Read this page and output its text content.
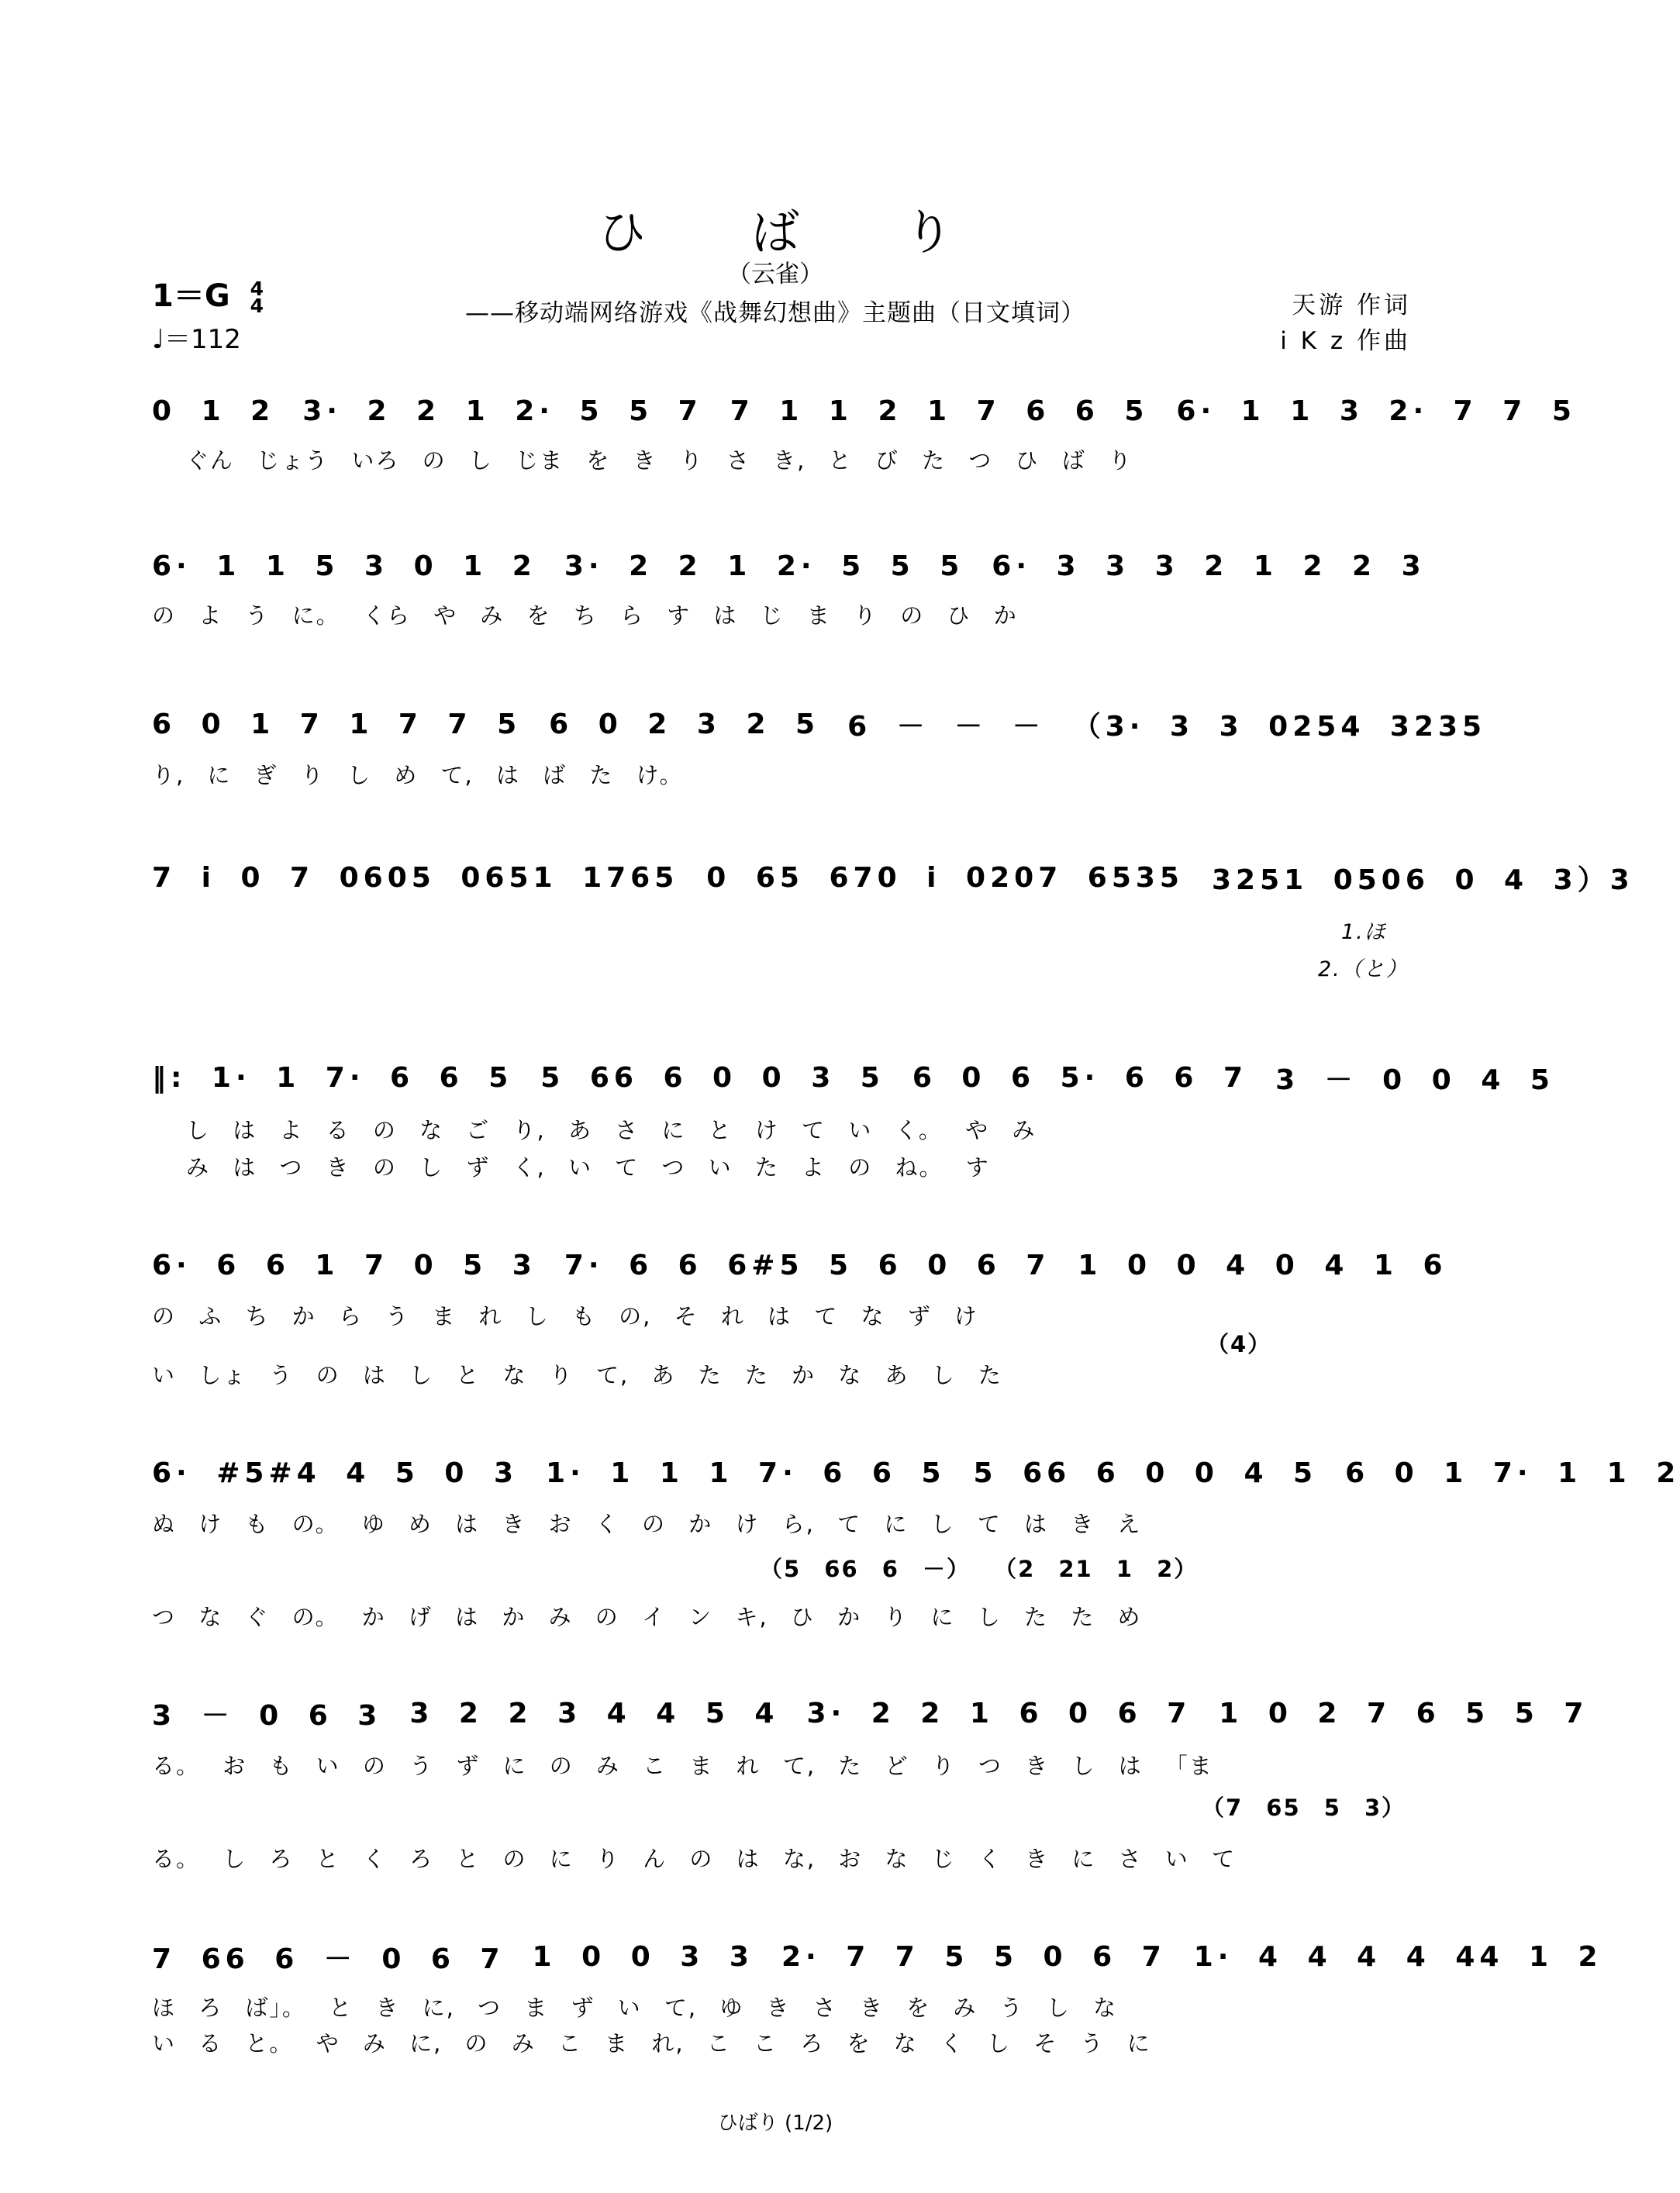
ひ ば り
（云雀）
——移动端网络游戏《战舞幻想曲》主题曲（日文填词）	天游 作词
i K z 作曲
1＝G 4
4
♩＝112
0 1 2 3· 2 2 1 2· 5 5 7 7 1 1 2 1 7 6 6 5 6· 1 1 3 2· 7 7 5
ぐん じょう いろ の し じま を き り さ き, と び た つ ひ ば り
6· 1 1 5 3 0 1 2 3· 2 2 1 2· 5 5 5 6· 3 3 3 2 1 2 2 3
の よ う に。 くら や み を ち ら す は じ ま り の ひ か
6 0 1 7 1 7 7 5 6 0 2 3 2 5 6 － － － （3· 3 3 0254 3235
り, に ぎ り し め て, は ば た け。
7 i 0 7 0605 0651 1765 0 65 670 i 0207 6535 3251 0506 0 4 3）3
1.ほ
2.（と）
‖: 1· 1 7· 6 6 5 5 66 6 0 0 3 5 6 0 6 5· 6 6 7 3 － 0 0 4 5
し は よ る の な ご り, あ さ に と け て い く。 や み
み は つ き の し ず く, い て つ い た よ の ね。 す
6· 6 6 1 7 0 5 3 7· 6 6 6#5 5 6 0 6 7 1 0 0 4 0 4 1 6
の ふ ち か ら う ま れ し も の, そ れ は て な ず け
（4）
い しょ う の は し と な り て, あ た た か な あ し た
6· #5#4 4 5 0 3 1· 1 1 1 7· 6 6 5 5 66 6 0 0 4 5 6 0 1 7· 1 1 2
ぬ け も の。 ゆ め は き お く の か け ら, て に し て は き え
（5 66 6 －） （2 21 1 2）
つ な ぐ の。 か げ は か み の イ ン キ, ひ か り に し た た め
3 － 0 6 3 3 2 2 3 4 4 5 4 3· 2 2 1 6 0 6 7 1 0 2 7 6 5 5 7
る。 お も い の う ず に の み こ ま れ て, た ど り つ き し は 「ま
（7 65 5 3）
る。 し ろ と く ろ と の に り ん の は な, お な じ く き に さ い て
7 66 6 － 0 6 7 1 0 0 3 3 2· 7 7 5 5 0 6 7 1· 4 4 4 4 44 1 2
ほ ろ ば」。 と き に, つ ま ず い て, ゆ き さ き を み う し な
い る と。 や み に, の み こ ま れ, こ こ ろ を な く し そ う に
ひばり (1/2)
